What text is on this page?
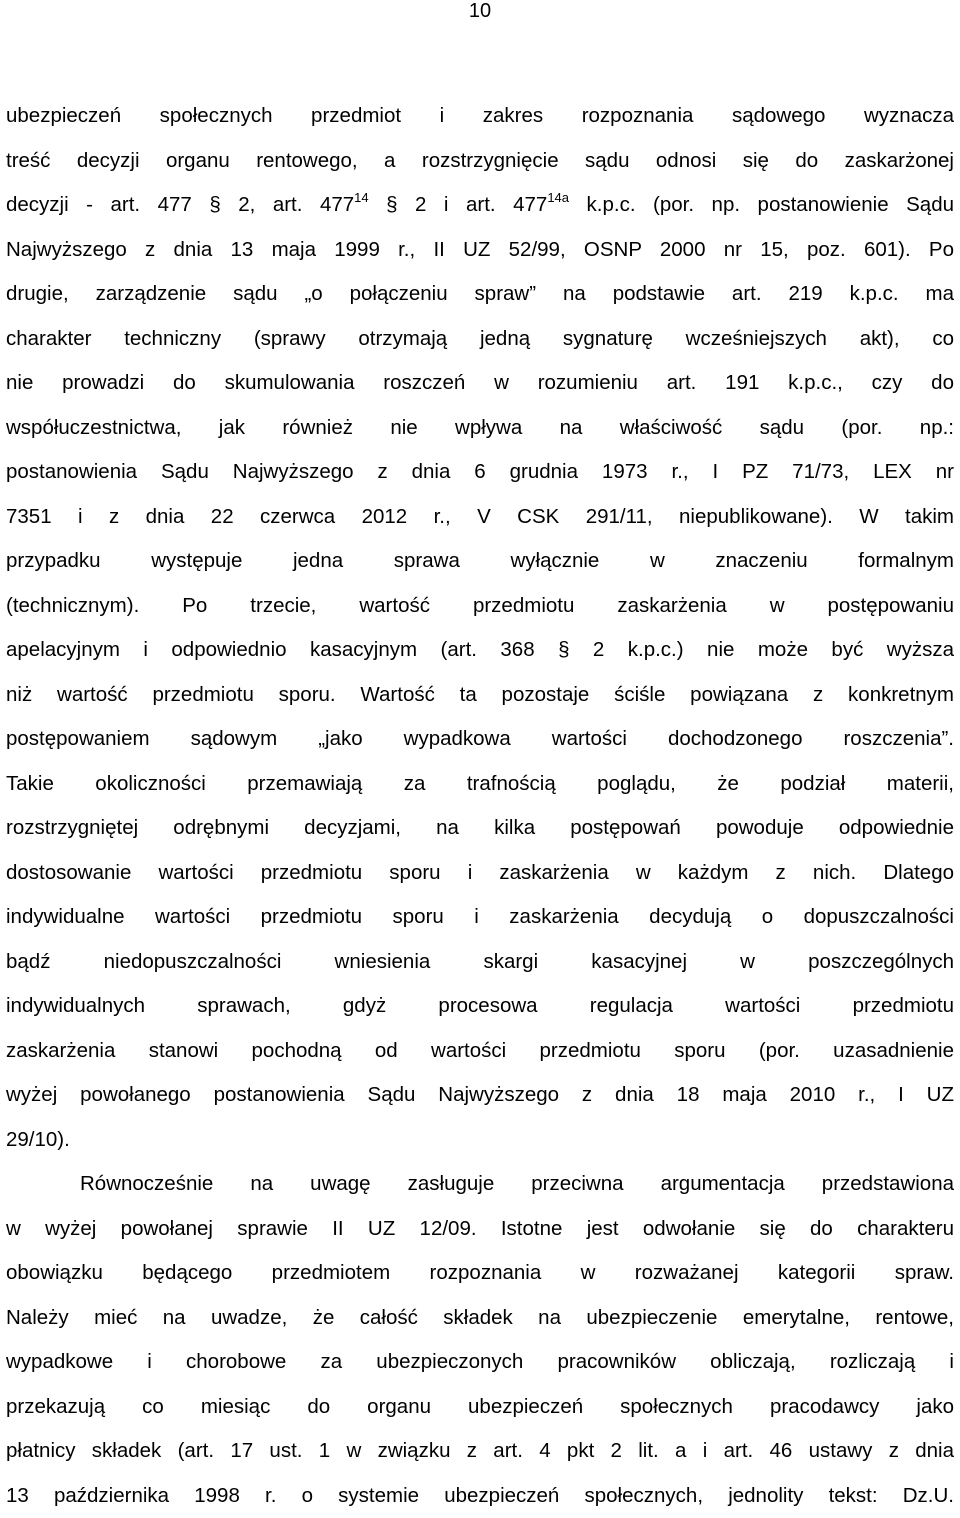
10
ubezpieczeń społecznych przedmiot i zakres rozpoznania sądowego wyznacza
treść decyzji organu rentowego, a rozstrzygnięcie sądu odnosi się do zaskarżonej
decyzji - art. 477 § 2, art. $477^{14}$ § 2 i art. $477^{14a}$ k.p.c. (por. np. postanowienie Sądu
Najwyższego z dnia 13 maja 1999 r., II UZ 52/99, OSNP 2000 nr 15, poz. 601). Po
drugie, zarządzenie sądu „o połączeniu spraw” na podstawie art. 219 k.p.c. ma
charakter techniczny (sprawy otrzymają jedną sygnaturę wcześniejszych akt), co
nie prowadzi do skumulowania roszczeń w rozumieniu art. 191 k.p.c., czy do
współuczestnictwa, jak również nie wpływa na właściwość sądu (por. np.:
postanowienia Sądu Najwyższego z dnia 6 grudnia 1973 r., I PZ 71/73, LEX nr
7351 i z dnia 22 czerwca 2012 r., V CSK 291/11, niepublikowane). W takim
przypadku występuje jedna sprawa wyłącznie w znaczeniu formalnym
(technicznym). Po trzecie, wartość przedmiotu zaskarżenia w postępowaniu
apelacyjnym i odpowiednio kasacyjnym (art. 368 § 2 k.p.c.) nie może być wyższa
niż wartość przedmiotu sporu. Wartość ta pozostaje ściśle powiązana z konkretnym
postępowaniem sądowym „jako wypadkowa wartości dochodzonego roszczenia”.
Takie okoliczności przemawiają za trafnością poglądu, że podział materii,
rozstrzygniętej odrębnymi decyzjami, na kilka postępowań powoduje odpowiednie
dostosowanie wartości przedmiotu sporu i zaskarżenia w każdym z nich. Dlatego
indywidualne wartości przedmiotu sporu i zaskarżenia decydują o dopuszczalności
bądź niedopuszczalności wniesienia skargi kasacyjnej w poszczególnych
indywidualnych sprawach, gdyż procesowa regulacja wartości przedmiotu
zaskarżenia stanowi pochodną od wartości przedmiotu sporu (por. uzasadnienie
wyżej powołanego postanowienia Sądu Najwyższego z dnia 18 maja 2010 r., I UZ
29/10).
Równocześnie na uwagę zasługuje przeciwna argumentacja przedstawiona
w wyżej powołanej sprawie II UZ 12/09. Istotne jest odwołanie się do charakteru
obowiązku będącego przedmiotem rozpoznania w rozważanej kategorii spraw.
Należy mieć na uwadze, że całość składek na ubezpieczenie emerytalne, rentowe,
wypadkowe i chorobowe za ubezpieczonych pracowników obliczają, rozliczają i
przekazują co miesiąc do organu ubezpieczeń społecznych pracodawcy jako
płatnicy składek (art. 17 ust. 1 w związku z art. 4 pkt 2 lit. a i art. 46 ustawy z dnia
13 października 1998 r. o systemie ubezpieczeń społecznych, jednolity tekst: Dz.U.
